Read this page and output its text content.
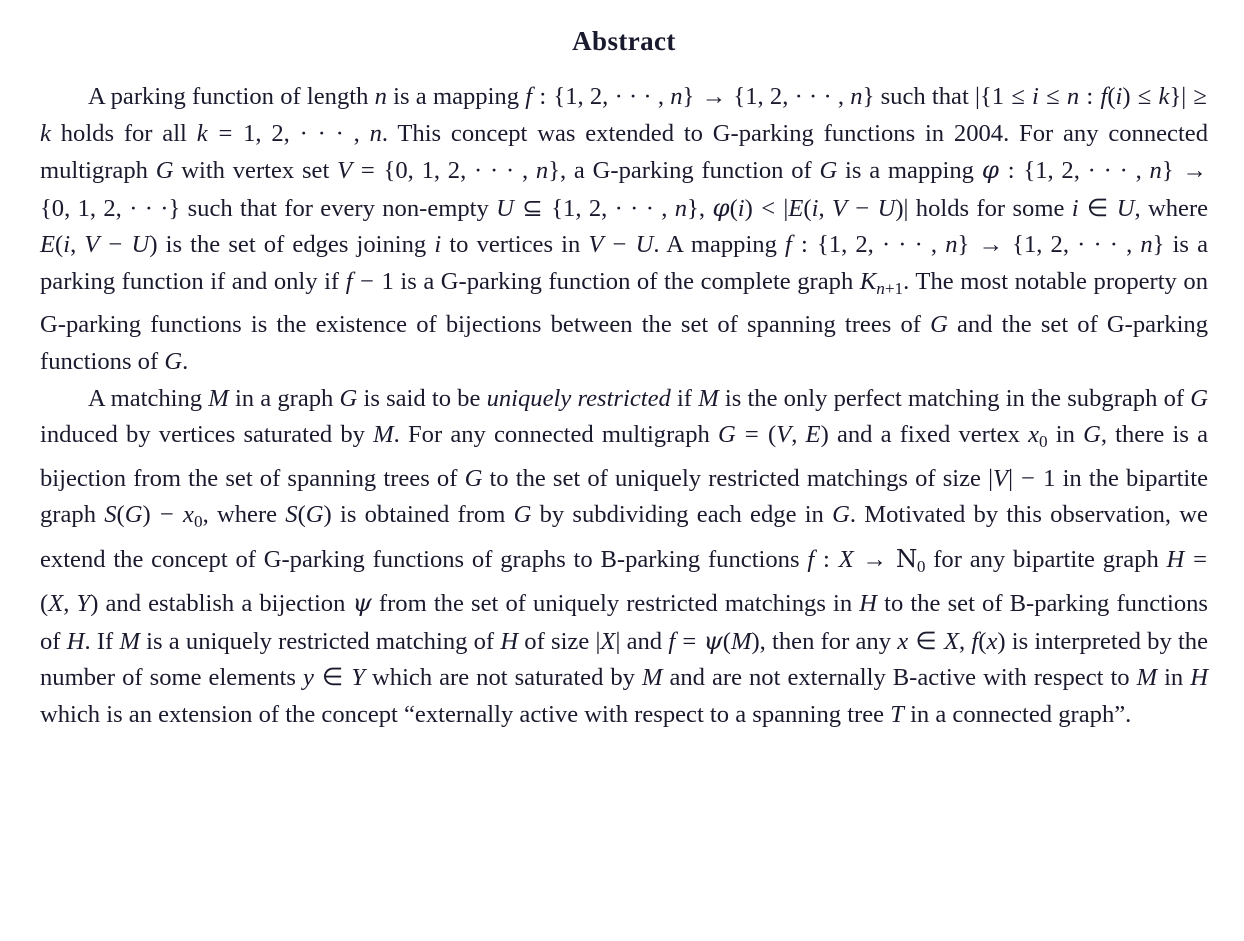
Abstract

A parking function of length n is a mapping f : {1, 2, · · · , n} → {1, 2, · · · , n} such that |{1 ≤ i ≤ n : f(i) ≤ k}| ≥ k holds for all k = 1, 2, · · · , n. This concept was extended to G-parking functions in 2004. For any connected multigraph G with vertex set V = {0, 1, 2, · · · , n}, a G-parking function of G is a mapping φ : {1, 2, · · · , n} → {0, 1, 2, · · ·} such that for every non-empty U ⊆ {1, 2, · · · , n}, φ(i) < |E(i, V − U)| holds for some i ∈ U, where E(i, V − U) is the set of edges joining i to vertices in V − U. A mapping f : {1, 2, · · · , n} → {1, 2, · · · , n} is a parking function if and only if f − 1 is a G-parking function of the complete graph Kn+1. The most notable property on G-parking functions is the existence of bijections between the set of spanning trees of G and the set of G-parking functions of G.

A matching M in a graph G is said to be uniquely restricted if M is the only perfect matching in the subgraph of G induced by vertices saturated by M. For any connected multigraph G = (V, E) and a fixed vertex x0 in G, there is a bijection from the set of spanning trees of G to the set of uniquely restricted matchings of size |V| − 1 in the bipartite graph S(G) − x0, where S(G) is obtained from G by subdividing each edge in G. Motivated by this observation, we extend the concept of G-parking functions of graphs to B-parking functions f : X → N0 for any bipartite graph H = (X, Y) and establish a bijection ψ from the set of uniquely restricted matchings in H to the set of B-parking functions of H. If M is a uniquely restricted matching of H of size |X| and f = ψ(M), then for any x ∈ X, f(x) is interpreted by the number of some elements y ∈ Y which are not saturated by M and are not externally B-active with respect to M in H which is an extension of the concept “externally active with respect to a spanning tree T in a connected graph”.
